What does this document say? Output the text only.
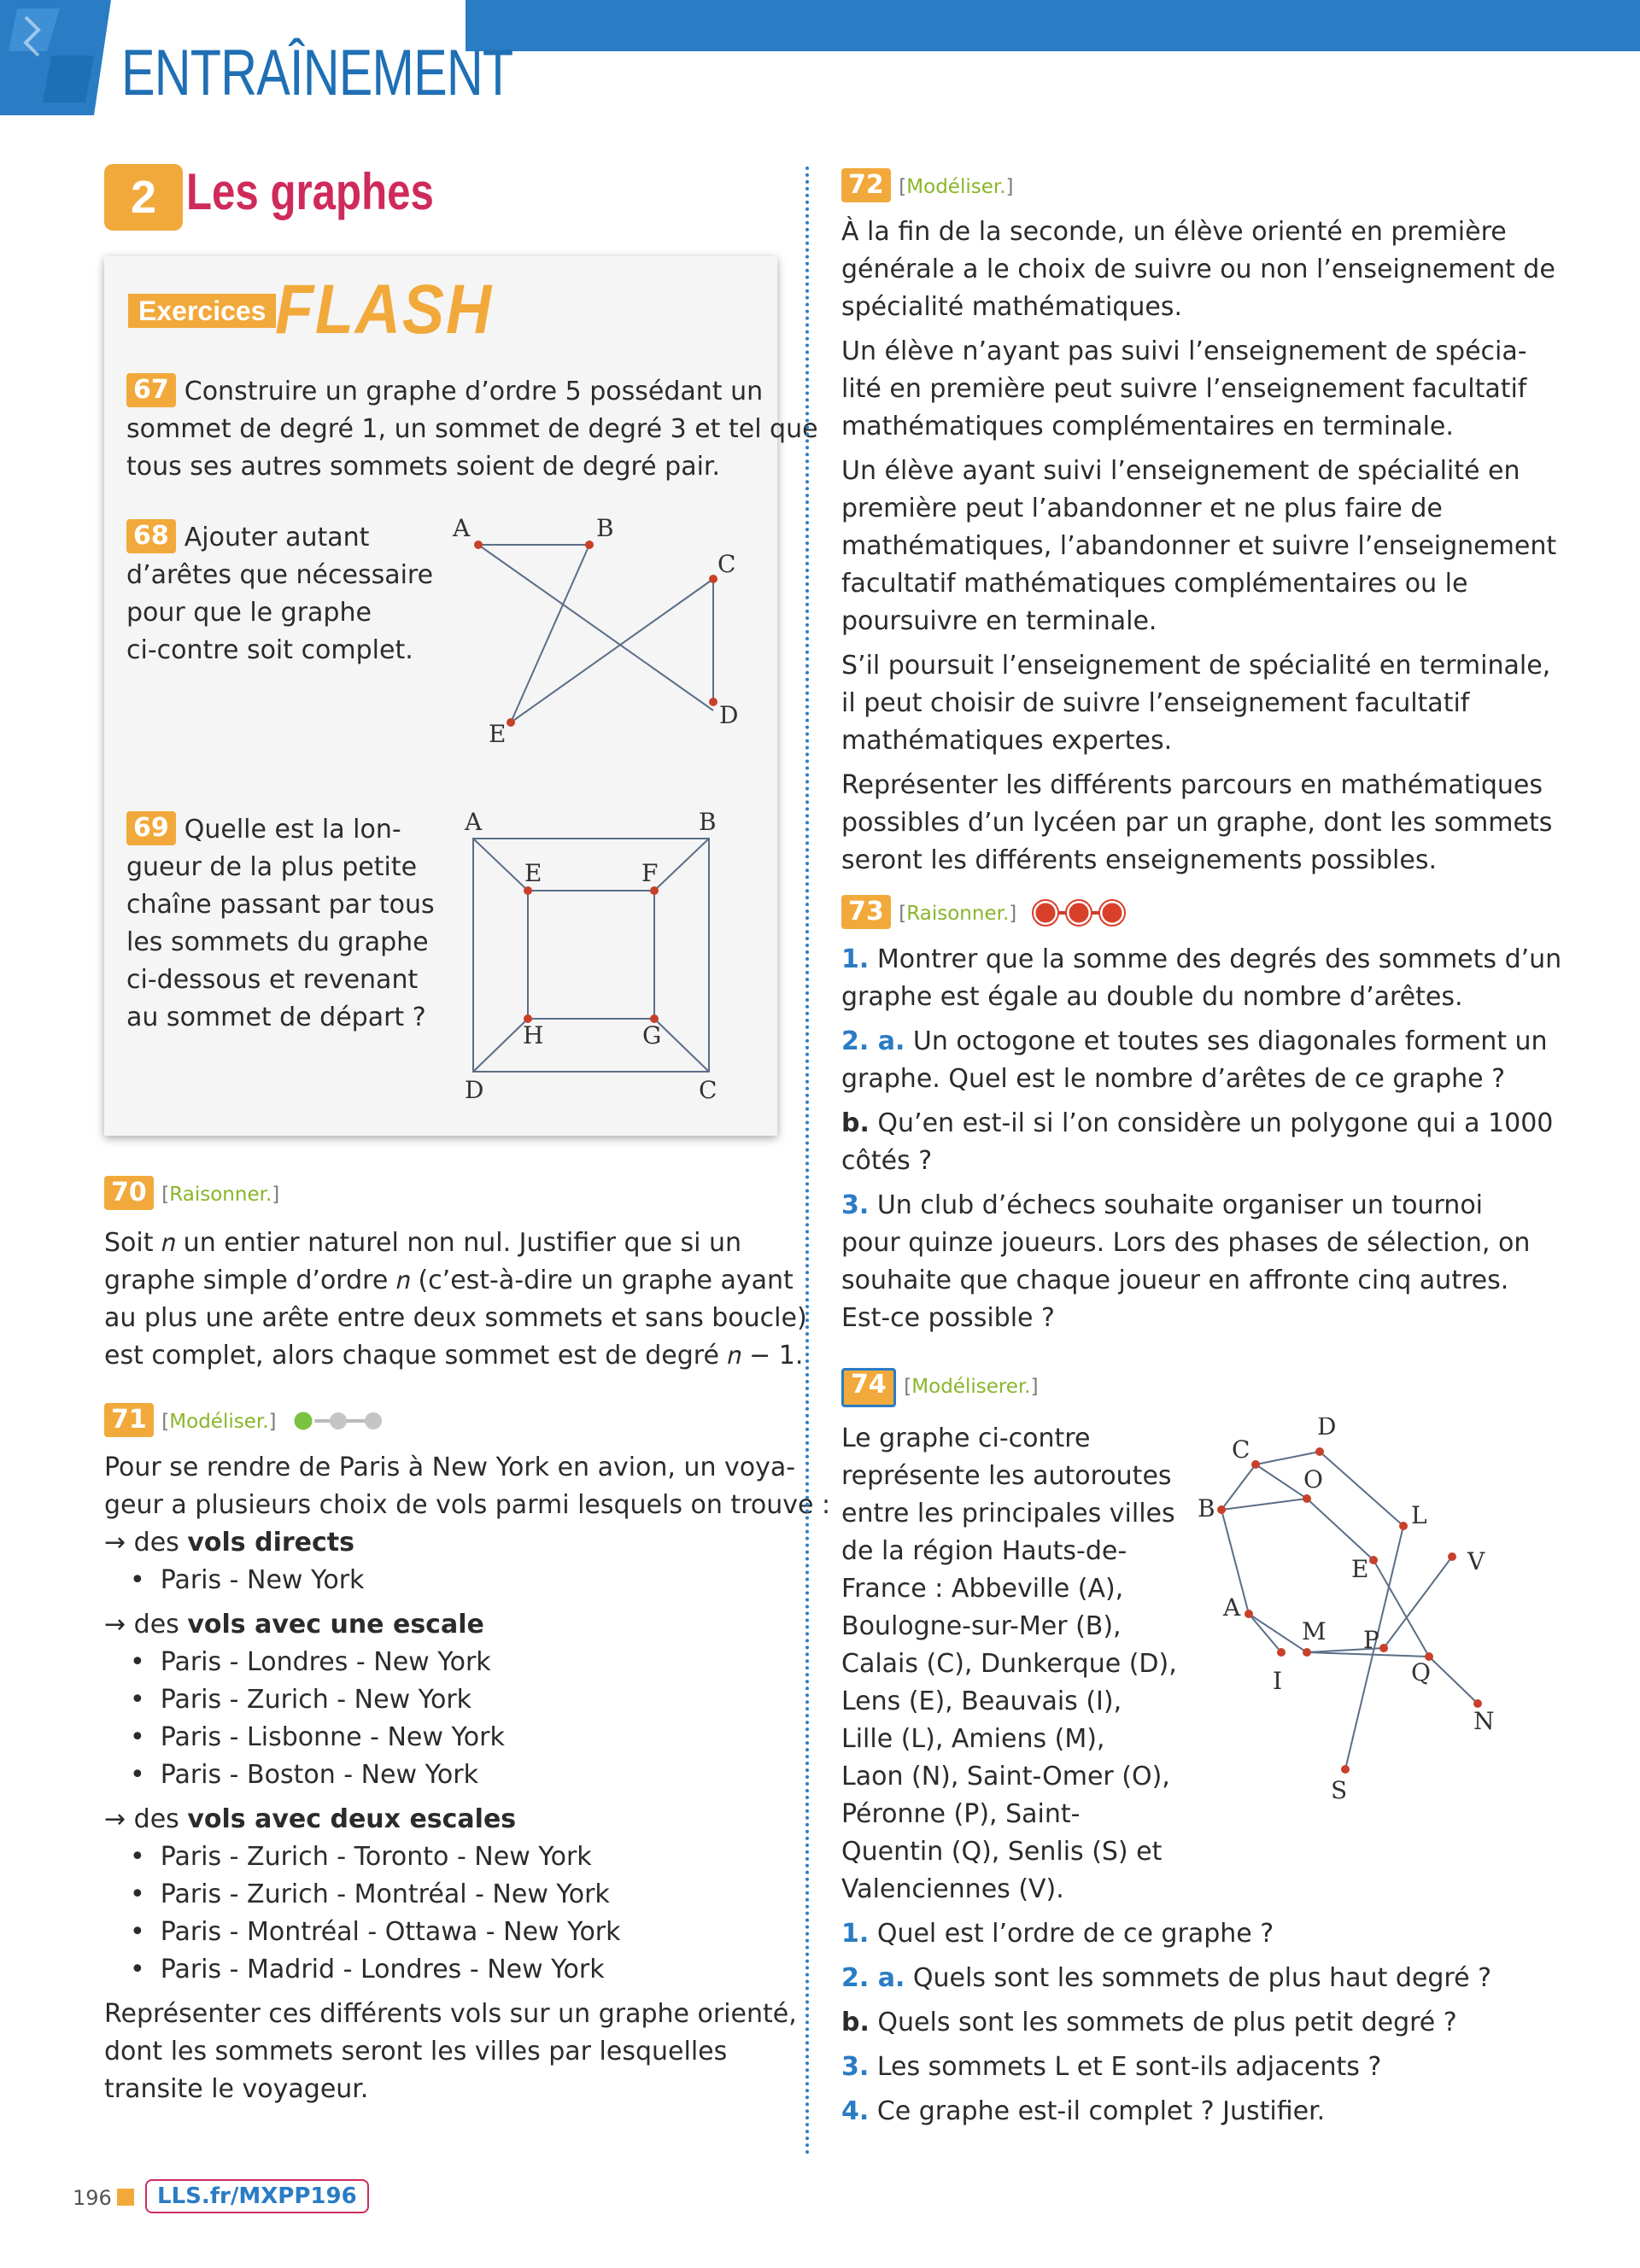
ENTRAÎNEMENT
2 Les graphes
Exercices FLASH

67 Construire un graphe d’ordre 5 possédant un

sommet de degré 1, un sommet de degré 3 et tel que

tous ses autres sommets soient de degré pair.

68 Ajouter autant

d’arêtes que nécessaire

pour que le graphe

ci-contre soit complet.

A	B
C
D
E

69 Quelle est la lon-

gueur de la plus petite

chaîne passant par tous

les sommets du graphe

ci-dessous et revenant

au sommet de départ ?

A	B
C
D
E	F
G
H
70 [Raisonner.]

Soit 𝑛 un entier naturel non nul. Justifier que si un

graphe simple d’ordre 𝑛 (c’est-à-dire un graphe ayant

au plus une arête entre deux sommets et sans boucle)

est complet, alors chaque sommet est de degré 𝑛 − 1.

71 [Modéliser.]

Pour se rendre de Paris à New York en avion, un voya-

geur a plusieurs choix de vols parmi lesquels on trouve :

→ des vols directs

• Paris - New York

→ des vols avec une escale

• Paris - Londres - New York

• Paris - Zurich - New York

• Paris - Lisbonne - New York

• Paris - Boston - New York

→ des vols avec deux escales

• Paris - Zurich - Toronto - New York

• Paris - Zurich - Montréal - New York

• Paris - Montréal - Ottawa - New York

• Paris - Madrid - Londres - New York

Représenter ces différents vols sur un graphe orienté,

dont les sommets seront les villes par lesquelles

transite le voyageur.

72 [Modéliser.]

À la fin de la seconde, un élève orienté en première

générale a le choix de suivre ou non l’enseignement de

spécialité mathématiques.

Un élève n’ayant pas suivi l’enseignement de spécia-

lité en première peut suivre l’enseignement facultatif

mathématiques complémentaires en terminale.

Un élève ayant suivi l’enseignement de spécialité en

première peut l’abandonner et ne plus faire de

mathématiques, l’abandonner et suivre l’enseignement

facultatif mathématiques complémentaires ou le

poursuivre en terminale.

S’il poursuit l’enseignement de spécialité en terminale,

il peut choisir de suivre l’enseignement facultatif

mathématiques expertes.

Représenter les différents parcours en mathématiques

possibles d’un lycéen par un graphe, dont les sommets

seront les différents enseignements possibles.

73 [Raisonner.]

1. Montrer que la somme des degrés des sommets d’un

graphe est égale au double du nombre d’arêtes.

2. a. Un octogone et toutes ses diagonales forment un

graphe. Quel est le nombre d’arêtes de ce graphe ?

b. Qu’en est-il si l’on considère un polygone qui a 1000

côtés ?

3. Un club d’échecs souhaite organiser un tournoi

pour quinze joueurs. Lors des phases de sélection, on

souhaite que chaque joueur en affronte cinq autres.

Est-ce possible ?

74 [Modéliserer.]

Le graphe ci-contre

représente les autoroutes

entre les principales villes

de la région Hauts-de-

France : Abbeville (A),

Boulogne-sur-Mer (B),

Calais (C), Dunkerque (D),

Lens (E), Beauvais (I),

Lille (L), Amiens (M),

Laon (N), Saint-Omer (O),

Péronne (P), Saint-

Quentin (Q), Senlis (S) et

Valenciennes (V).

1. Quel est l’ordre de ce graphe ?

2. a. Quels sont les sommets de plus haut degré ?

b. Quels sont les sommets de plus petit degré ?

3. Les sommets L et E sont-ils adjacents ?

4. Ce graphe est-il complet ? Justifier.

C
D
O
B	L
E	V
A
M P
Q
N
I
S
196	LLS.fr/MXPP196
